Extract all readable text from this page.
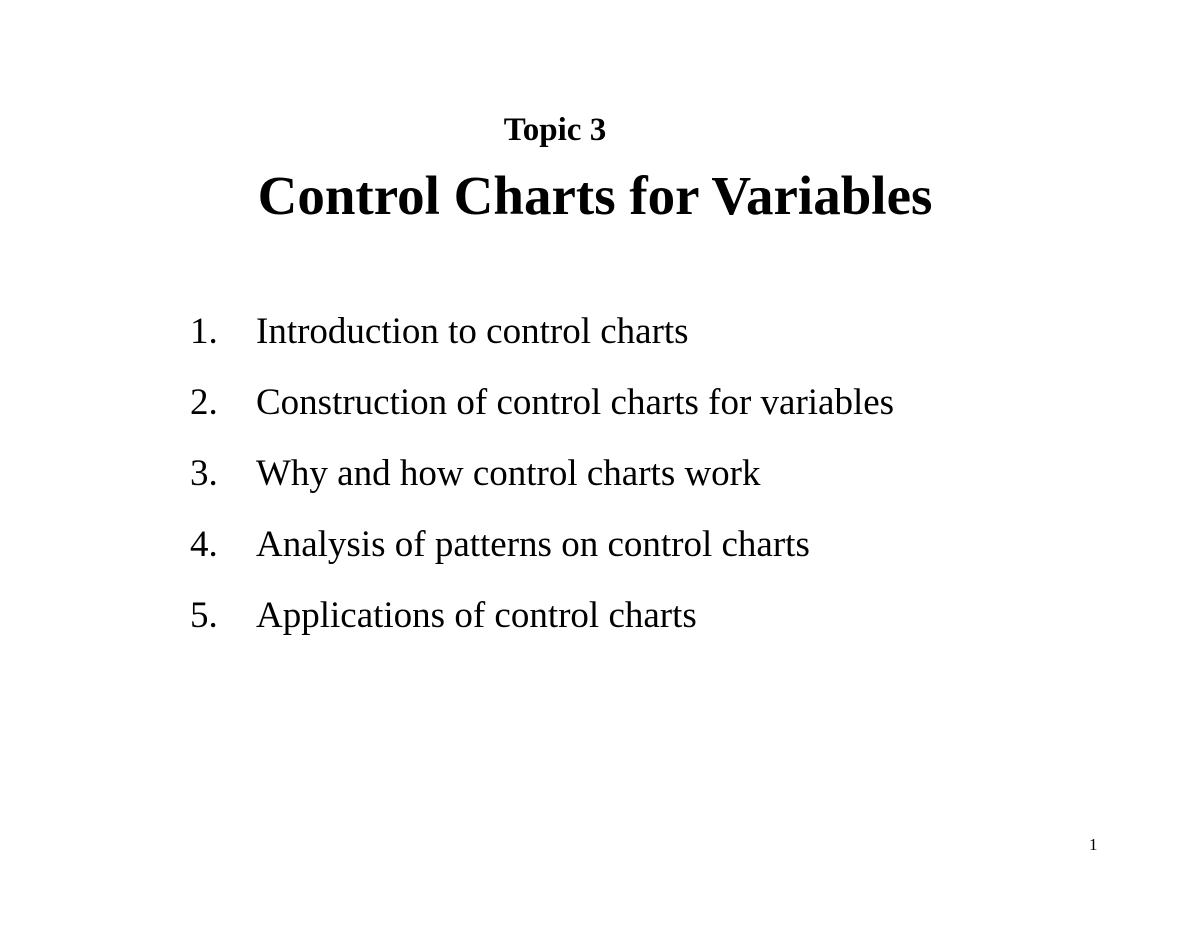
Topic 3
Control Charts for Variables
1.	Introduction to control charts
2.	Construction of control charts for variables
3.	Why and how control charts work
4.	Analysis of patterns on control charts
5.	Applications of control charts
1
